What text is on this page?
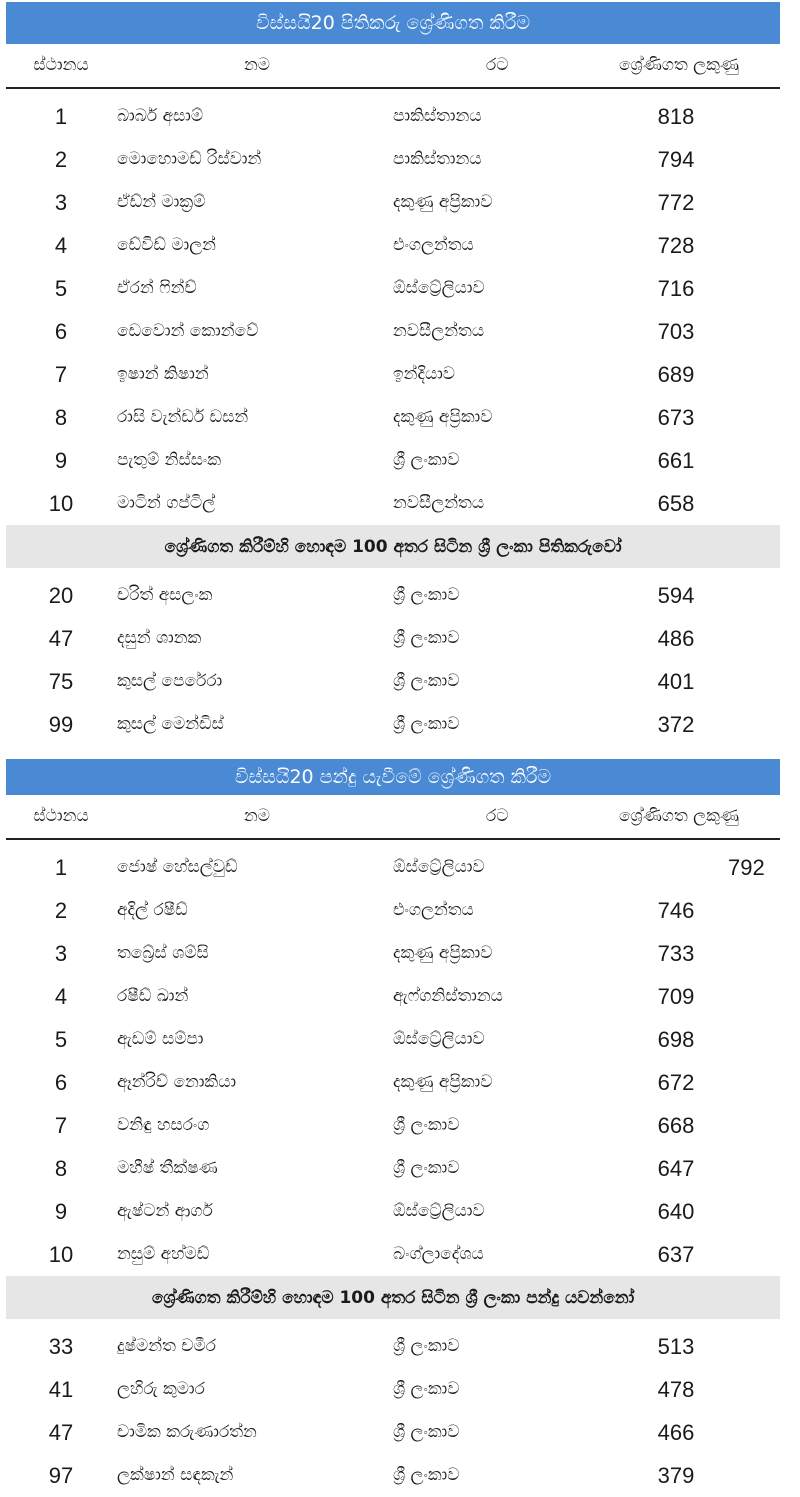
විස්සයි20 පිතිකරු ශ්‍රේණිගත කිරීම
ස්ථානය	නම	රට	ශ්‍රේණිගත ලකුණු
1	බාබර් අසාම්	පාකිස්තානය	818
2	මොහොමඩ් රිස්වාන්	පාකිස්තානය	794
3	ඒඩ්න් මාක්‍රම්	දකුණු අප්‍රිකාව	772
4	ඩේවිඩ් මාලන්	එංගලන්තය	728
5	ඒරන් ෆින්ච්	ඕස්ට්‍රේලියාව	716
6	ඩෙවොන් කොන්වේ	නවසීලන්තය	703
7	ඉෂාන් කිෂාන්	ඉන්දියාව	689
8	රාසි වැන්ඩර් ඩසන්	දකුණු අප්‍රිකාව	673
9	පැතුම් නිස්සංක	ශ්‍රී ලංකාව	661
10	මාටින් ගප්ටිල්	නවසීලන්තය	658
ශ්‍රේණිගත කිරීම්හි හොඳම 100 අතර සිටින ශ්‍රී ලංකා පිතිකරුවෝ
20	චරිත් අසලංක	ශ්‍රී ලංකාව	594
47	දසුන් ශානක	ශ්‍රී ලංකාව	486
75	කුසල් පෙරේරා	ශ්‍රී ලංකාව	401
99	කුසල් මෙන්ඩිස්	ශ්‍රී ලංකාව	372
විස්සයි20 පන්දු යැවීමේ ශ්‍රේණිගත කිරීම
ස්ථානය	නම	රට	ශ්‍රේණිගත ලකුණු
1	ජොෂ් හේසල්වුඩ්	ඕස්ට්‍රේලියාව	792
2	අදිල් රෂීඩ්	එංගලන්තය	746
3	තබ්‍රේස් ශම්සි	දකුණු අප්‍රිකාව	733
4	රෂීඩ් ඛාන්	ඇෆ්ගනිස්තානය	709
5	ඇඩම් සම්පා	ඕස්ට්‍රේලියාව	698
6	ඈන්රිච් නොකියා	දකුණු අප්‍රිකාව	672
7	වනිඳු හසරංග	ශ්‍රී ලංකාව	668
8	මහීෂ් තීක්ෂණ	ශ්‍රී ලංකාව	647
9	ඇෂ්ටන් ආගර්	ඕස්ට්‍රේලියාව	640
10	නසුම් අහ්මඩ්	බංග්ලාදේශය	637
ශ්‍රේණිගත කිරීම්හි හොඳම 100 අතර සිටින ශ්‍රී ලංකා පන්දු යවන්නෝ
33	දුෂ්මන්ත චමීර	ශ්‍රී ලංකාව	513
41	ලහිරු කුමාර	ශ්‍රී ලංකාව	478
47	චාමික කරුණාරත්න	ශ්‍රී ලංකාව	466
97	ලක්ෂාන් සඳකැන්	ශ්‍රී ලංකාව	379
